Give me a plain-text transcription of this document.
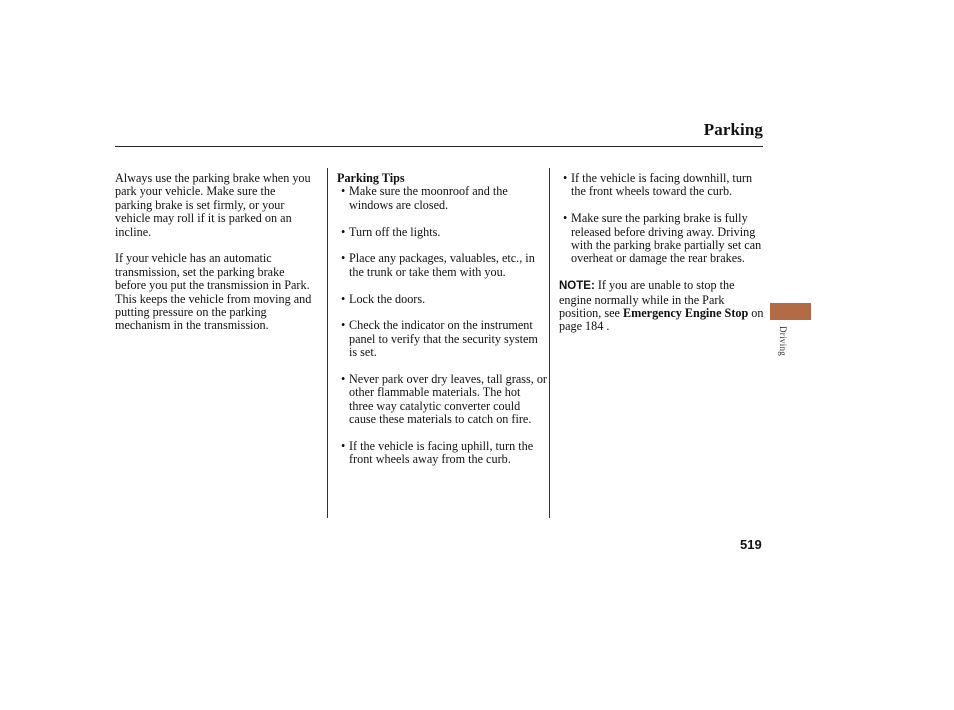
Parking

Always use the parking brake when you park your vehicle. Make sure the parking brake is set firmly, or your vehicle may roll if it is parked on an incline.

If your vehicle has an automatic transmission, set the parking brake before you put the transmission in Park. This keeps the vehicle from moving and putting pressure on the parking mechanism in the transmission.

Parking Tips
• Make sure the moonroof and the windows are closed.
• Turn off the lights.
• Place any packages, valuables, etc., in the trunk or take them with you.
• Lock the doors.
• Check the indicator on the instrument panel to verify that the security system is set.
• Never park over dry leaves, tall grass, or other flammable materials. The hot three way catalytic converter could cause these materials to catch on fire.
• If the vehicle is facing uphill, turn the front wheels away from the curb.
• If the vehicle is facing downhill, turn the front wheels toward the curb.
• Make sure the parking brake is fully released before driving away. Driving with the parking brake partially set can overheat or damage the rear brakes.

NOTE: If you are unable to stop the engine normally while in the Park position, see Emergency Engine Stop on page 184 .	Driving
519
